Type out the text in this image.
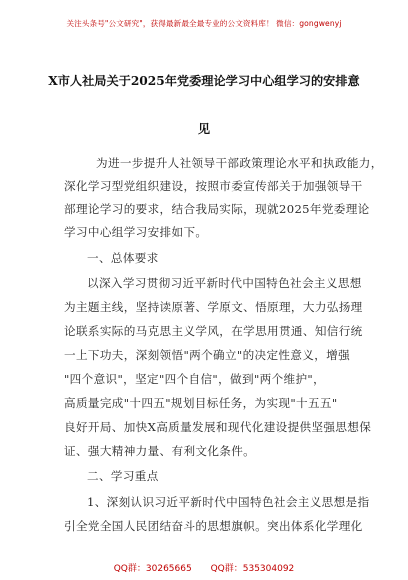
关注头条号"公文研究"，获得最新最全最专业的公文资料库！ 微信：gongwenyj
X市人社局关于2025年党委理论学习中心组学习的安排意
见
为进一步提升人社领导干部政策理论水平和执政能力，
深化学习型党组织建设，按照市委宣传部关于加强领导干
部理论学习的要求，结合我局实际，现就2025年党委理论
学习中心组学习安排如下。
一、总体要求
以深入学习贯彻习近平新时代中国特色社会主义思想
为主题主线，坚持读原著、学原文、悟原理，大力弘扬理
论联系实际的马克思主义学风，在学思用贯通、知信行统
一上下功夫，深刻领悟"两个确立"的决定性意义，增强
"四个意识"，坚定"四个自信"，做到"两个维护"，
高质量完成"十四五"规划目标任务，为实现"十五五"
良好开局、加快X高质量发展和现代化建设提供坚强思想保
证、强大精神力量、有利文化条件。
二、学习重点
1、深刻认识习近平新时代中国特色社会主义思想是指
引全党全国人民团结奋斗的思想旗帜。突出体系化学理化
QQ群：30265665 QQ群：535304092
